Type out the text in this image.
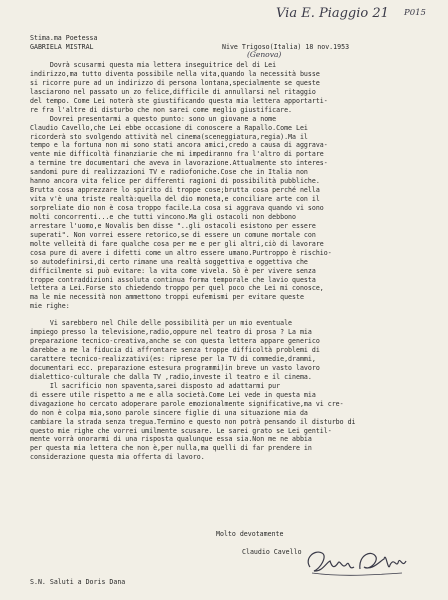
Via E. Piaggio 21 P015
Stima.ma Poetessa
GABRIELA MISTRAL	Nive Trigoso(Italia) 18 nov.1953
(Genova)
Dovrà scusarmi questa mia lettera inseguitrice del di Lei
indirizzo,ma tutto diventa possibile nella vita,quando la necessità busse
si ricorre pure ad un indirizzo di persona lontana,specialmente se queste
lasciarono nel passato un zo felice,difficile di annullarsi nel ritaggio
del tempo. Come Lei noterà ste giustificando questa mia lettera apportarti-
re fra l'altre di disturbo che non sarei come meglio giustificare.
Dovrei presentarmi a questo punto: sono un giovane a nome
Claudio Cavello,che Lei ebbe occasione di conoscere a Rapallo.Come Lei
ricorderà sto svolgendo attività nel cinema(sceneggiatura,regia).Ma il
tempo e la fortuna non mi sono stati ancora amici,credo a causa di aggrava-
vente mie difficoltà finanziarie che mi impediranno fra l'altro di portare
a termine tre documentari che aveva in lavorazione.Attualmente sto interes-
sandomi pure di realizzazioni TV e radiofoniche.Cose che in Italia non
hanno ancora vita felice per differenti ragioni di possibilità pubbliche.
Brutta cosa apprezzare lo spirito di troppe cose;brutta cosa perché nella
vita v'è una triste realtà:quella del dio moneta,e conciliare arte con il
sorpreliate dio non è cosa troppo facile.La cosa si aggrava quando vi sono
molti concorrenti...e che tutti vincono.Ma gli ostacoli non debbono
arrestare l'uomo,e Novalis ben disse "..gli ostacoli esistono per essere
superati". Non vorrei essere retorico,se di essere un comune mortale con
molte velleità di fare qualche cosa per me e per gli altri,ciò di lavorare
cosa pure di avere i difetti come un altro essere umano.Purtroppo è rischio-
so autodefinirsi,di certo rimane una realtà soggettiva e oggettiva che
difficilmente si può evitare: la vita come vivela. Sò è per vivere senza
troppe contraddizioni assoluta continua forma temporale che lavio questa
lettera a Lei.Forse sto chiedendo troppo per quel poco che Lei mi conosce,
ma le mie necessità non ammettono troppi eufemismi per evitare queste
mie righe:
Vi sarebbero nel Chile delle possibilità per un mio eventuale
impiego presso la televisione,radio,oppure nel teatro di prosa ? La mia
preparazione tecnico-creativa,anche se con questa lettera appare generico
darebbe a me la fiducia di affrontare senza troppe difficoltà problemi di
carattere tecnico-realizzativi(es: riprese per la TV di commedie,drammi,
documentari ecc. preparazione estesura programmi)in breve un vasto lavoro
dialettico-culturale che dalla TV ,radio,investe il teatro e il cinema.
Il sacrificio non spaventa,sarei disposto ad adattarmi pur
di essere utile rispetto a me e alla società.Come Lei vede in questa mia
divagazione ho cercato adoperare parole emozionalmente significative,ma vi cre-
do non è colpa mia,sono parole sincere figlie di una situazione mia da
cambiare la strada senza tregua.Termino e questo non potrà pensando il disturbo di
questo mie righe che vorrei umilmente scusare. Le sarei grato se Lei gentil-
mente vorrà onorarmi di una risposta qualunque essa sia.Non me ne abbia
per questa mia lettera che non è,per nulla,ma quelli di far prendere in
considerazione questa mia offerta di lavoro.
Molto devotamente
Claudio Cavello
S.N. Saluti a Doris Dana
